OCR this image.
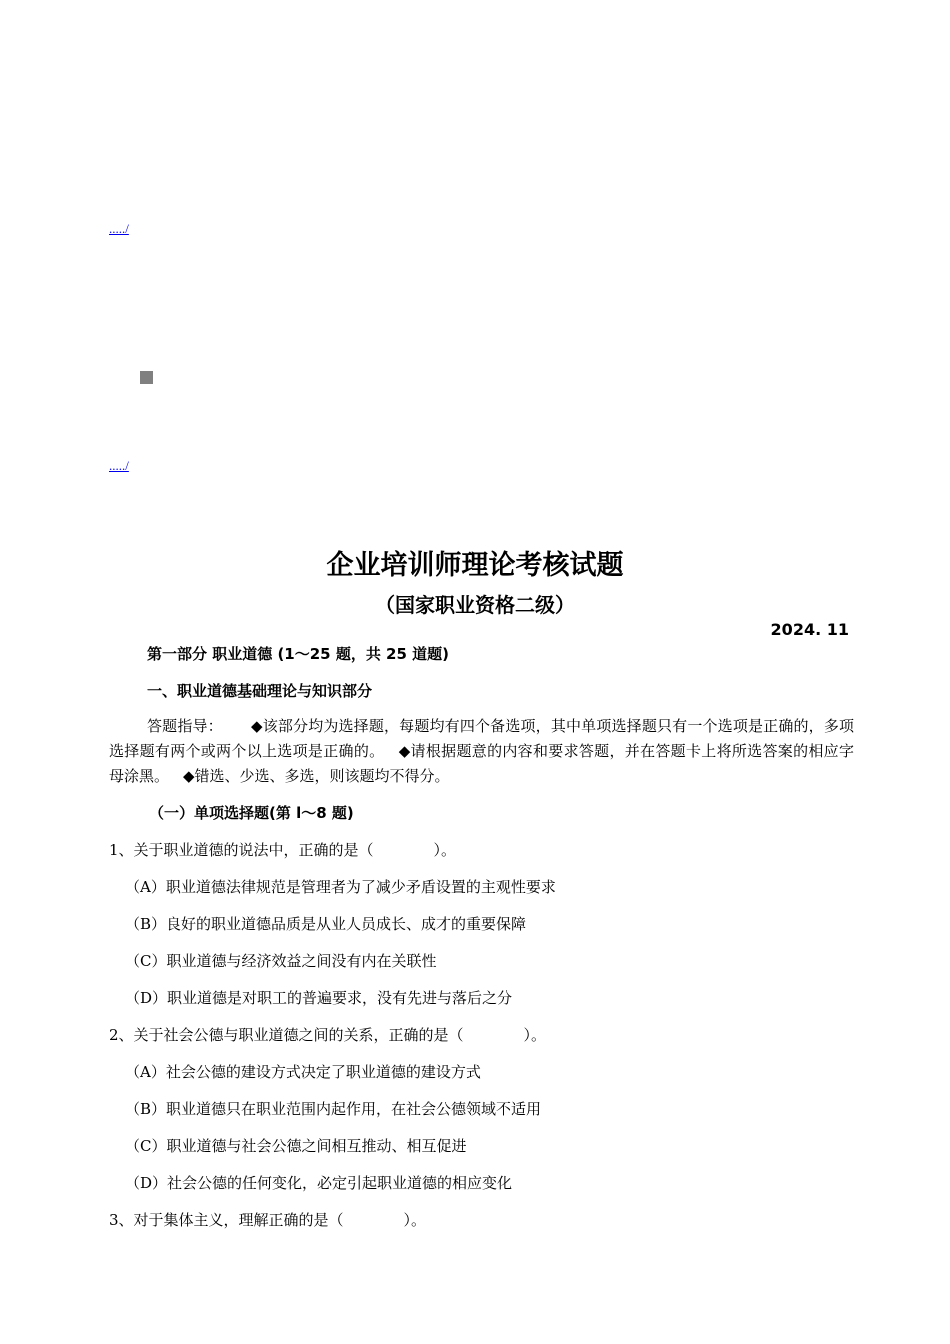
...../
...../
企业培训师理论考核试题
（国家职业资格二级）
2024. 11
第一部分 职业道德 (1～25 题，共 25 道题)
一、职业道德基础理论与知识部分
答题指导： ◆该部分均为选择题，每题均有四个备选项，其中单项选择题只有一个选项是正确的，多项选择题有两个或两个以上选项是正确的。 ◆请根据题意的内容和要求答题，并在答题卡上将所选答案的相应字母涂黑。 ◆错选、少选、多选，则该题均不得分。
（一）单项选择题(第 l～8 题)
1、关于职业道德的说法中，正确的是（　　　　）。
（A）职业道德法律规范是管理者为了减少矛盾设置的主观性要求
（B）良好的职业道德品质是从业人员成长、成才的重要保障
（C）职业道德与经济效益之间没有内在关联性
（D）职业道德是对职工的普遍要求，没有先进与落后之分
2、关于社会公德与职业道德之间的关系，正确的是（　　　　）。
（A）社会公德的建设方式决定了职业道德的建设方式
（B）职业道德只在职业范围内起作用，在社会公德领域不适用
（C）职业道德与社会公德之间相互推动、相互促进
（D）社会公德的任何变化，必定引起职业道德的相应变化
3、对于集体主义，理解正确的是（　　　　）。
